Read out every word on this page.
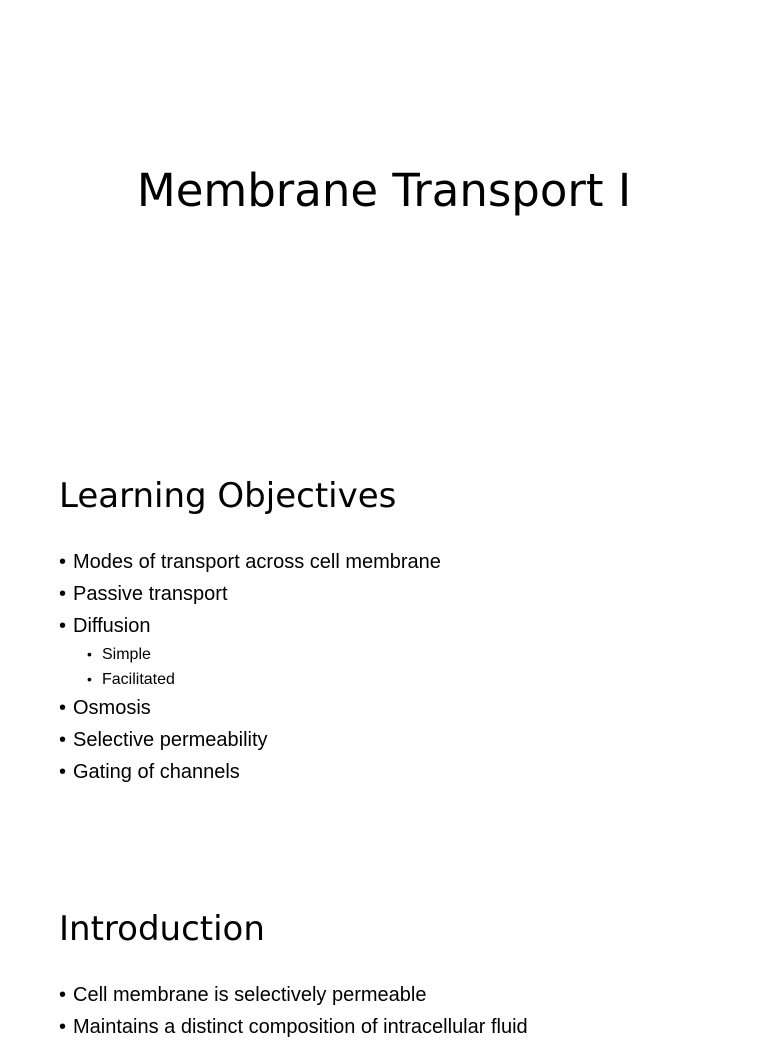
Membrane Transport I
Learning Objectives
• Modes of transport across cell membrane
• Passive transport
• Diffusion
• Simple
• Facilitated
• Osmosis
• Selective permeability
• Gating of channels
Introduction
• Cell membrane is selectively permeable
• Maintains a distinct composition of intracellular fluid
